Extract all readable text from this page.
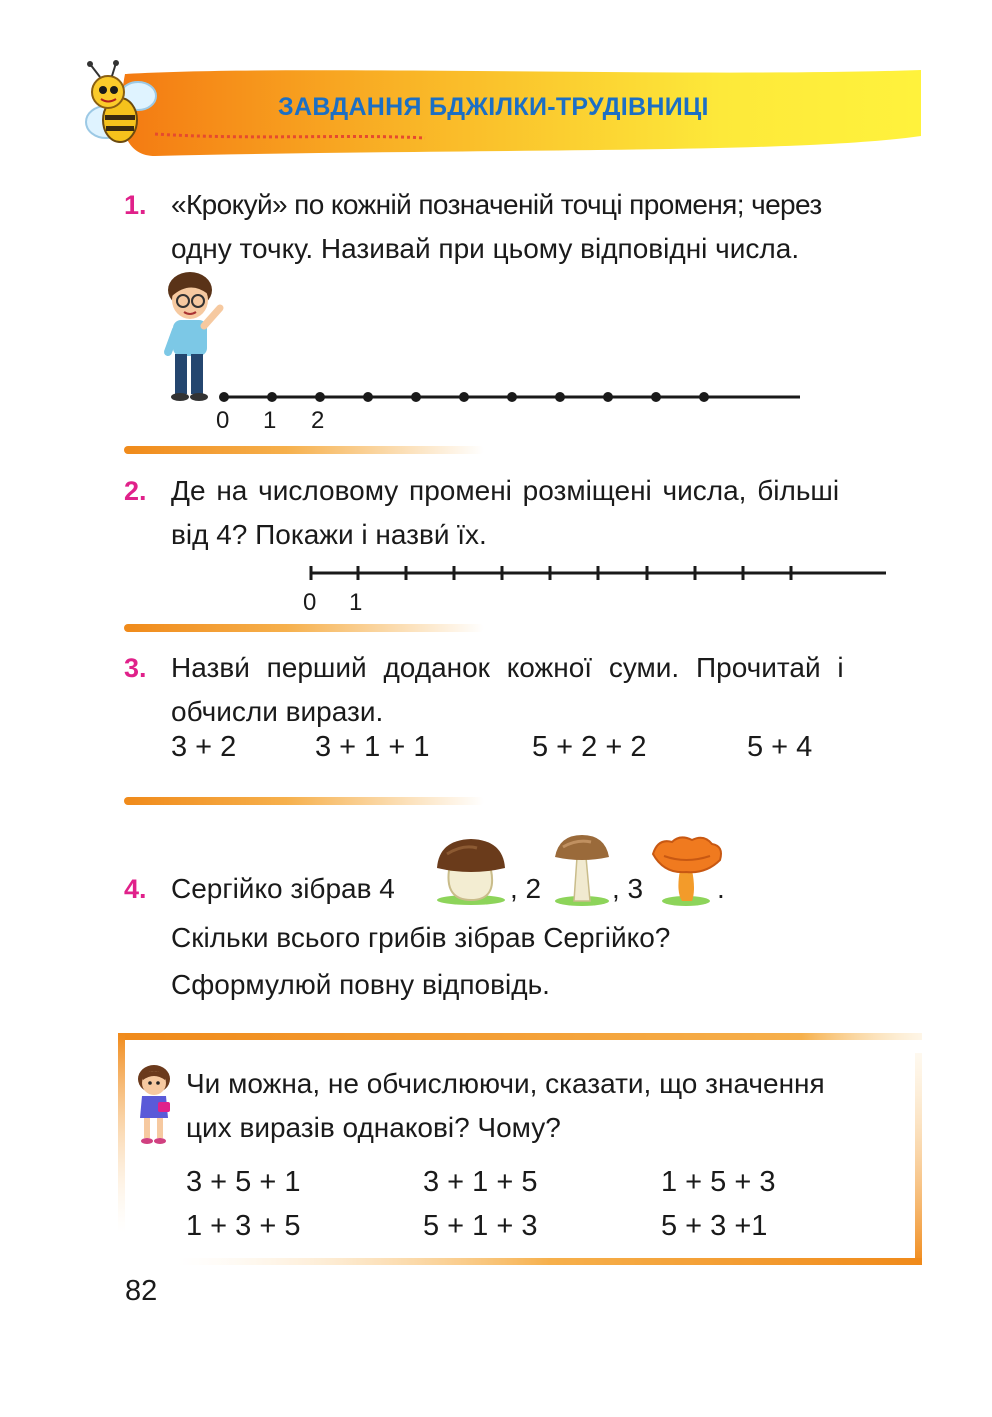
ЗАВДАННЯ БДЖІЛКИ-ТРУДІВНИЦІ
1. «Крокуй» по кожній позначеній точці променя; через
одну точку. Називай при цьому відповідні числа.
0 1 2
2. Де на числовому промені розміщені числа, більші
від 4? Покажи і назви́ їх.
0 1
3. Назви́ перший доданок кожної суми. Прочитай і
обчисли вирази.
3 + 2	3 + 1 + 1	5 + 2 + 2	5 + 4
4. Сергійко зібрав 4	, 2	, 3	.
Скільки всього грибів зібрав Сергійко?
Сформулюй повну відповідь.
Чи можна, не обчислюючи, сказати, що значення
цих виразів однакові? Чому?
3 + 5 + 1	3 + 1 + 5	1 + 5 + 3
1 + 3 + 5	5 + 1 + 3	5 + 3 +1
82
